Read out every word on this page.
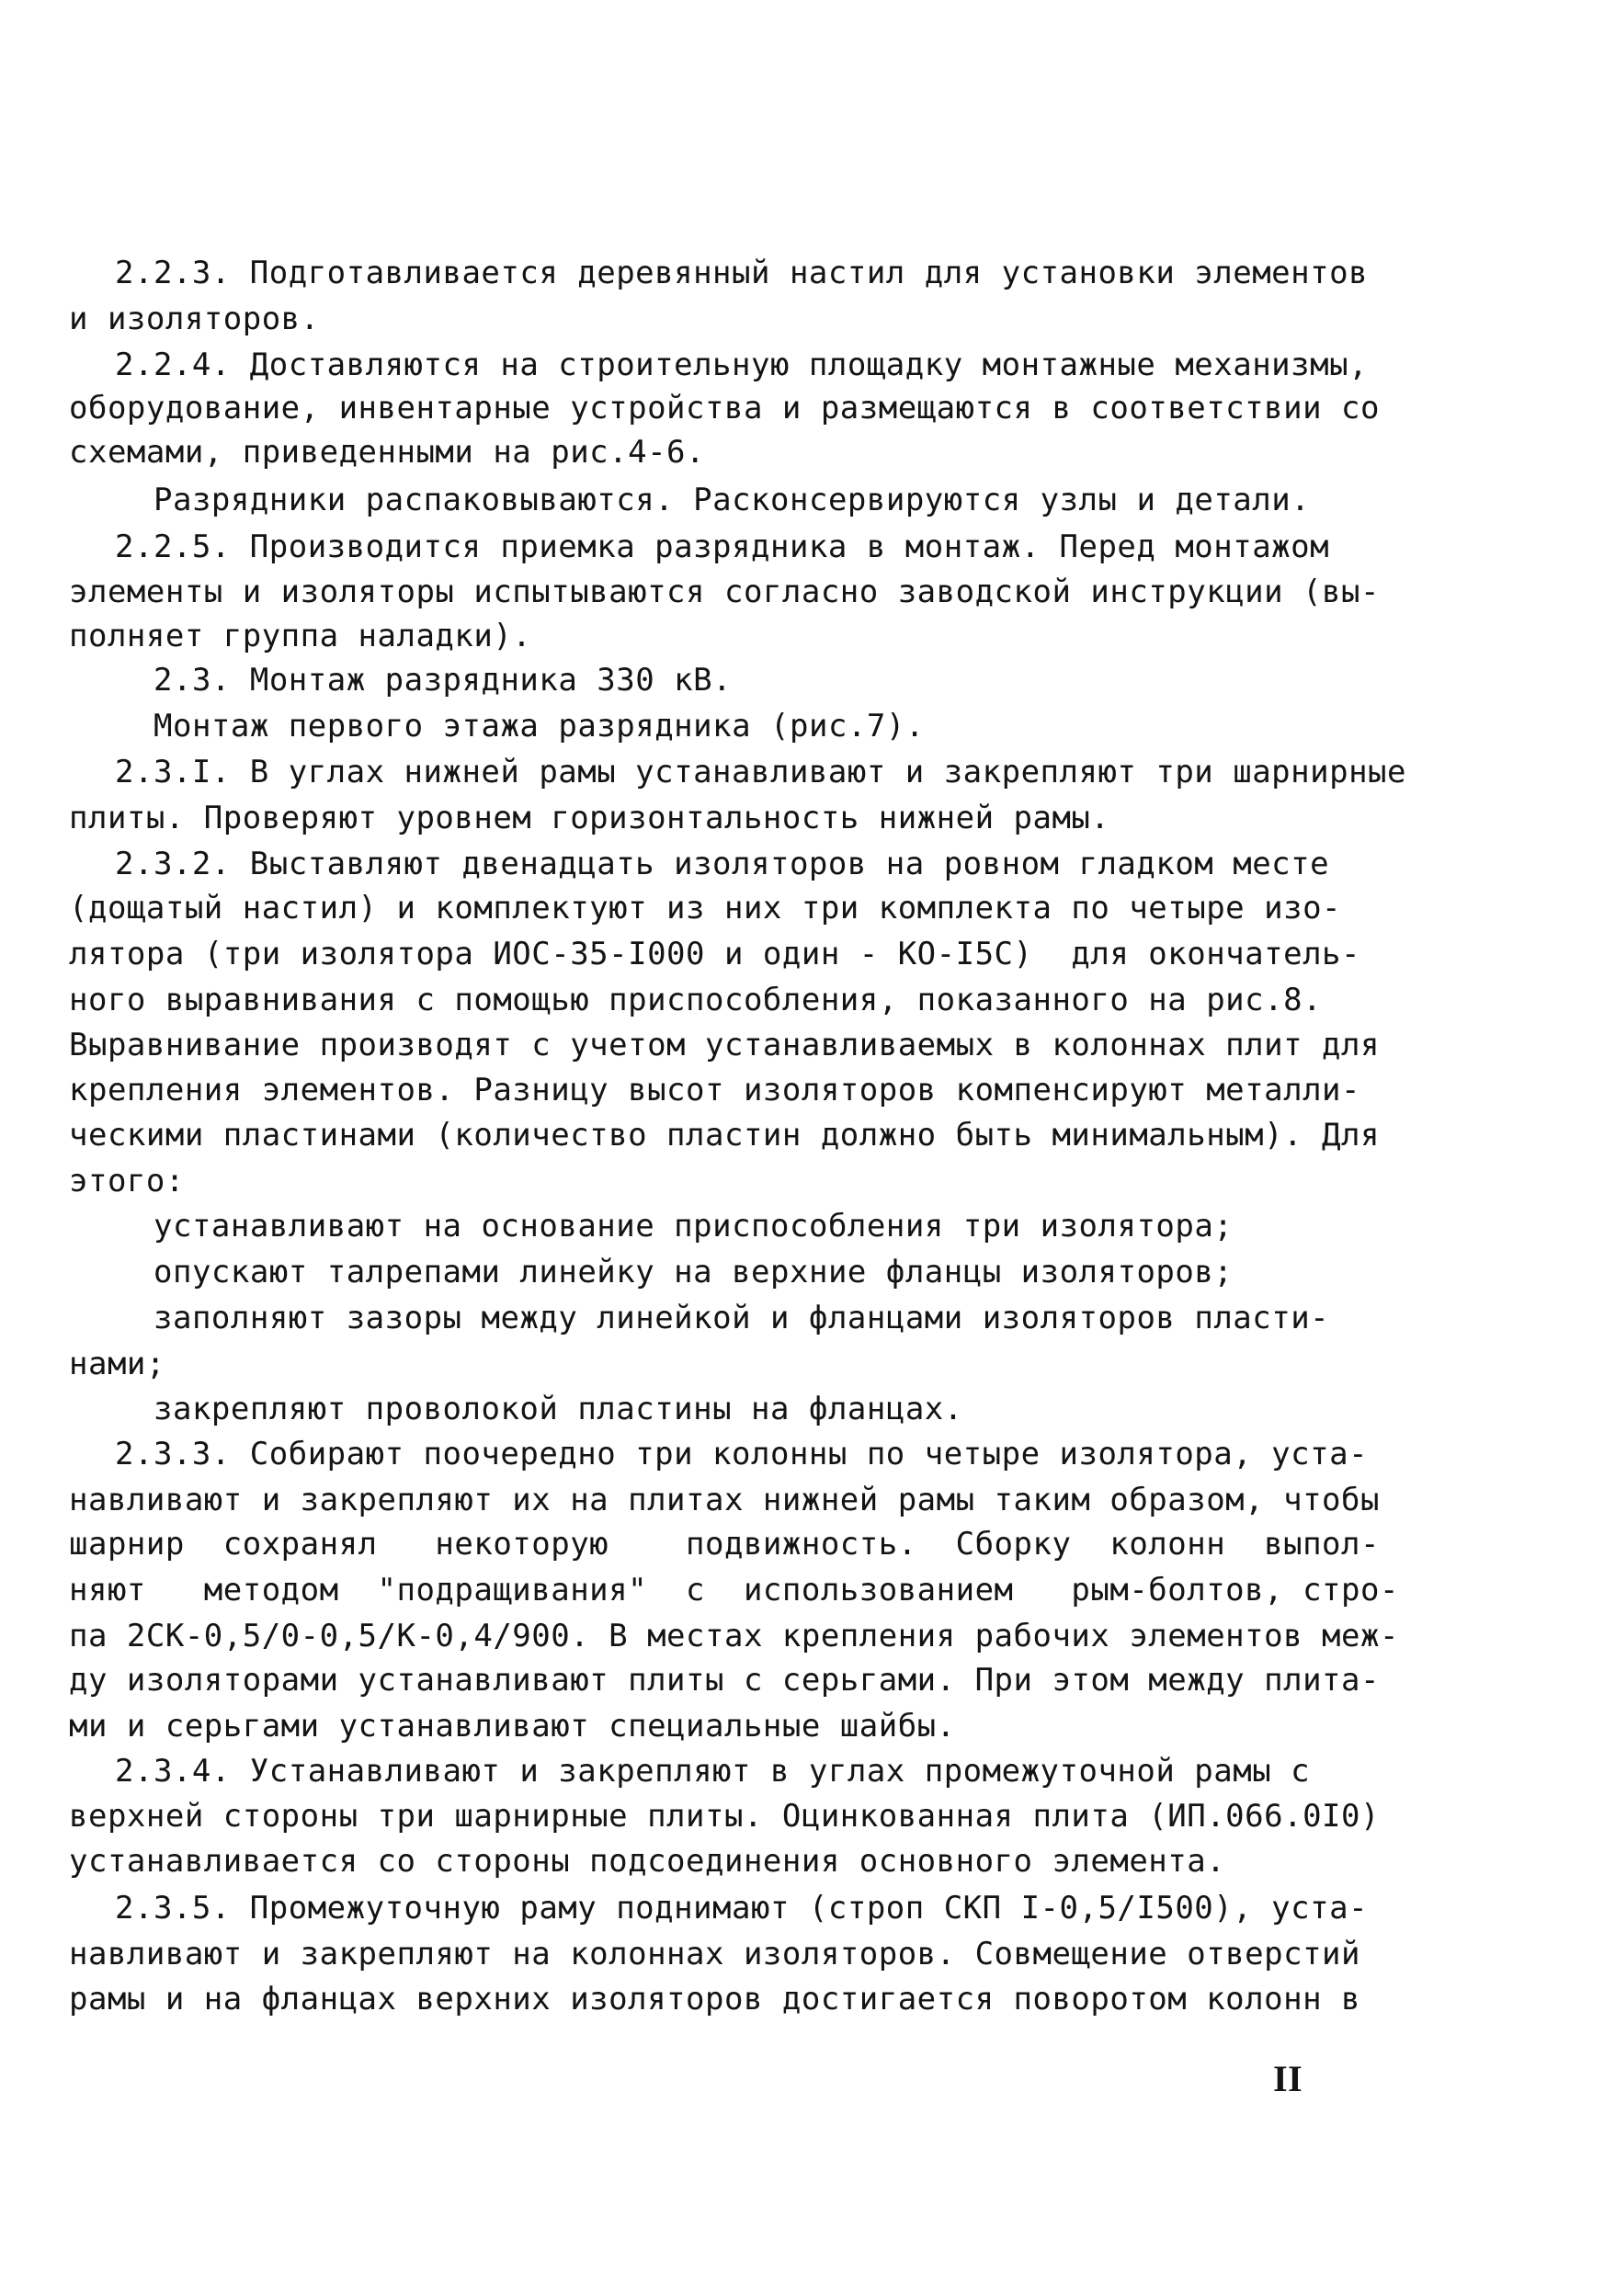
2.2.3. Подготавливается деревянный настил для установки элементов
и изоляторов.
2.2.4. Доставляются на строительную площадку монтажные механизмы,
оборудование, инвентарные устройства и размещаются в соответствии со
схемами, приведенными на рис.4-6.
Разрядники распаковываются. Расконсервируются узлы и детали.
2.2.5. Производится приемка разрядника в монтаж. Перед монтажом
элементы и изоляторы испытываются согласно заводской инструкции (вы-
полняет группа наладки).
2.3. Монтаж разрядника 330 кВ.
Монтаж первого этажа разрядника (рис.7).
2.3.I. В углах нижней рамы устанавливают и закрепляют три шарнирные
плиты. Проверяют уровнем горизонтальность нижней рамы.
2.3.2. Выставляют двенадцать изоляторов на ровном гладком месте
(дощатый настил) и комплектуют из них три комплекта по четыре изо-
лятора (три изолятора ИОС-35-I000 и один - КО-I5С)  для окончатель-
ного выравнивания с помощью приспособления, показанного на рис.8.
Выравнивание производят с учетом устанавливаемых в колоннах плит для
крепления элементов. Разницу высот изоляторов компенсируют металли-
ческими пластинами (количество пластин должно быть минимальным). Для
этого:
устанавливают на основание приспособления три изолятора;
опускают талрепами линейку на верхние фланцы изоляторов;
заполняют зазоры между линейкой и фланцами изоляторов пласти-
нами;
закрепляют проволокой пластины на фланцах.
2.3.3. Собирают поочередно три колонны по четыре изолятора, уста-
навливают и закрепляют их на плитах нижней рамы таким образом, чтобы
шарнир  сохранял   некоторую    подвижность.  Сборку  колонн  выпол-
няют   методом  "подращивания"  с  использованием   рым-болтов, стро-
па 2СК-0,5/0-0,5/К-0,4/900. В местах крепления рабочих элементов меж-
ду изоляторами устанавливают плиты с серьгами. При этом между плита-
ми и серьгами устанавливают специальные шайбы.
2.3.4. Устанавливают и закрепляют в углах промежуточной рамы с
верхней стороны три шарнирные плиты. Оцинкованная плита (ИП.066.0I0)
устанавливается со стороны подсоединения основного элемента.
2.3.5. Промежуточную раму поднимают (строп СКП I-0,5/I500), уста-
навливают и закрепляют на колоннах изоляторов. Совмещение отверстий
рамы и на фланцах верхних изоляторов достигается поворотом колонн в
II
